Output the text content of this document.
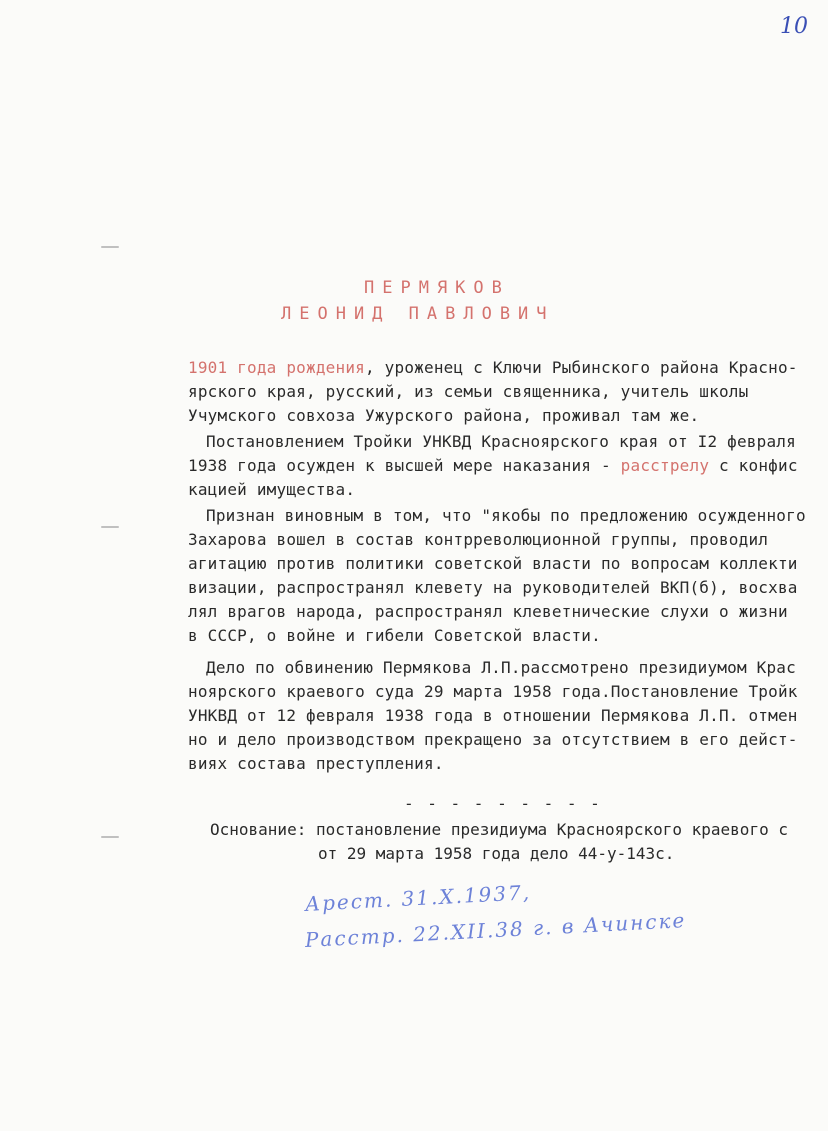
10
ПЕРМЯКОВ
ЛЕОНИД ПАВЛОВИЧ
1901 года рождения, уроженец с Ключи Рыбинского района Красно-
ярского края, русский, из семьи священника, учитель школы
Учумского совхоза Ужурского района, проживал там же.
Постановлением Тройки УНКВД Красноярского края от I2 февраля
1938 года осужден к высшей мере наказания - расстрелу с конфис
кацией имущества.
Признан виновным в том, что "якобы по предложению осужденного
Захарова вошел в состав контрреволюционной группы, проводил
агитацию против политики советской власти по вопросам коллекти
визации, распространял клевету на руководителей ВКП(б), восхва
лял врагов народа, распространял клеветнические слухи о жизни
в СССР, о войне и гибели Советской власти.
Дело по обвинению Пермякова Л.П.рассмотрено президиумом Крас
ноярского краевого суда 29 марта 1958 года.Постановление Тройк
УНКВД от 12 февраля 1938 года в отношении Пермякова Л.П. отмен
но и дело производством прекращено за отсутствием в его дейст-
виях состава преступления.
- - - - - - - - -
Основание: постановление президиума Красноярского краевого с
от 29 марта 1958 года дело 44-у-143с.
Арест. 31.X.1937,
Расстр. 22.XII.38 г. в Ачинске
